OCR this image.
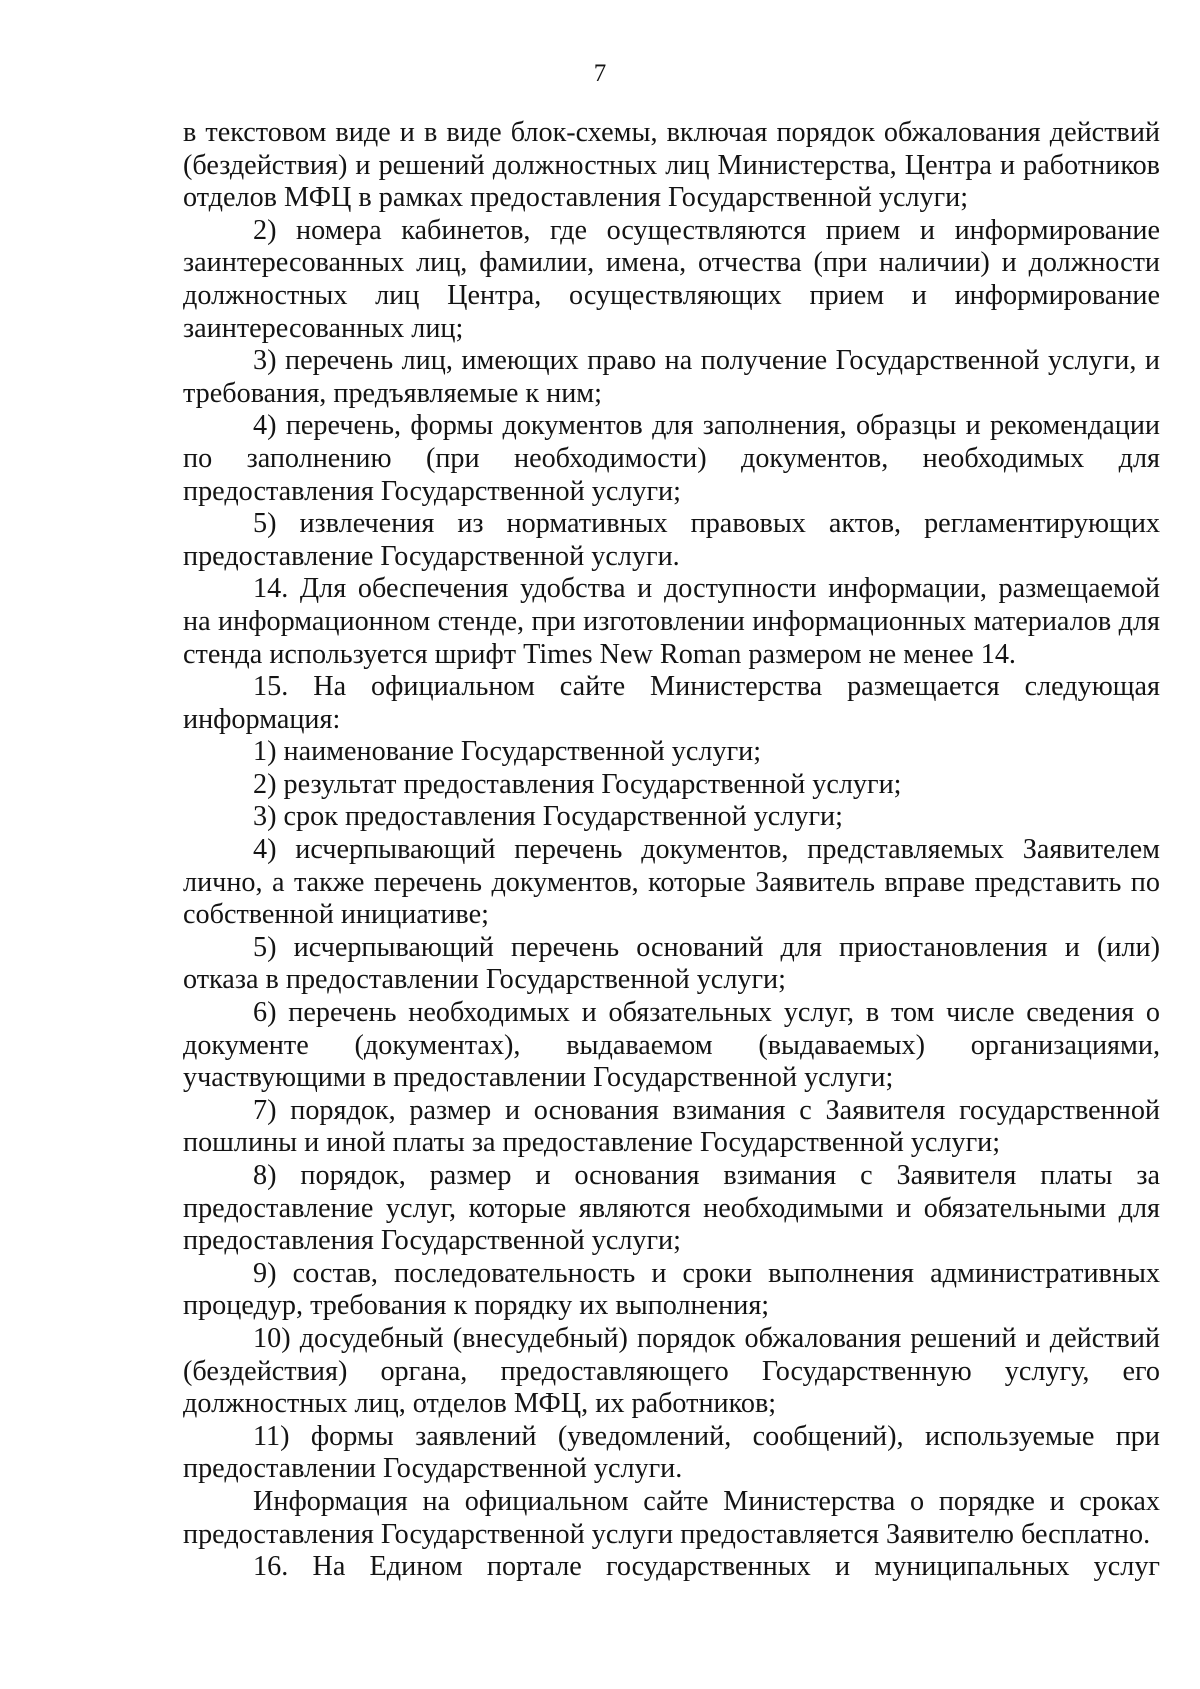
7

в текстовом виде и в виде блок-схемы, включая порядок обжалования действий (бездействия) и решений должностных лиц Министерства, Центра и работников отделов МФЦ в рамках предоставления Государственной услуги;

2) номера кабинетов, где осуществляются прием и информирование заинтересованных лиц, фамилии, имена, отчества (при наличии) и должности должностных лиц Центра, осуществляющих прием и информирование заинтересованных лиц;

3) перечень лиц, имеющих право на получение Государственной услуги, и требования, предъявляемые к ним;

4) перечень, формы документов для заполнения, образцы и рекомендации по заполнению (при необходимости) документов, необходимых для предоставления Государственной услуги;

5) извлечения из нормативных правовых актов, регламентирующих предоставление Государственной услуги.

14. Для обеспечения удобства и доступности информации, размещаемой на информационном стенде, при изготовлении информационных материалов для стенда используется шрифт Times New Roman размером не менее 14.

15. На официальном сайте Министерства размещается следующая информация:

1) наименование Государственной услуги;

2) результат предоставления Государственной услуги;

3) срок предоставления Государственной услуги;

4) исчерпывающий перечень документов, представляемых Заявителем лично, а также перечень документов, которые Заявитель вправе представить по собственной инициативе;

5) исчерпывающий перечень оснований для приостановления и (или) отказа в предоставлении Государственной услуги;

6) перечень необходимых и обязательных услуг, в том числе сведения о документе (документах), выдаваемом (выдаваемых) организациями, участвующими в предоставлении Государственной услуги;

7) порядок, размер и основания взимания с Заявителя государственной пошлины и иной платы за предоставление Государственной услуги;

8) порядок, размер и основания взимания с Заявителя платы за предоставление услуг, которые являются необходимыми и обязательными для предоставления Государственной услуги;

9) состав, последовательность и сроки выполнения административных процедур, требования к порядку их выполнения;

10) досудебный (внесудебный) порядок обжалования решений и действий (бездействия) органа, предоставляющего Государственную услугу, его должностных лиц, отделов МФЦ, их работников;

11) формы заявлений (уведомлений, сообщений), используемые при предоставлении Государственной услуги.

Информация на официальном сайте Министерства о порядке и сроках предоставления Государственной услуги предоставляется Заявителю бесплатно.

16. На Едином портале государственных и муниципальных услуг
